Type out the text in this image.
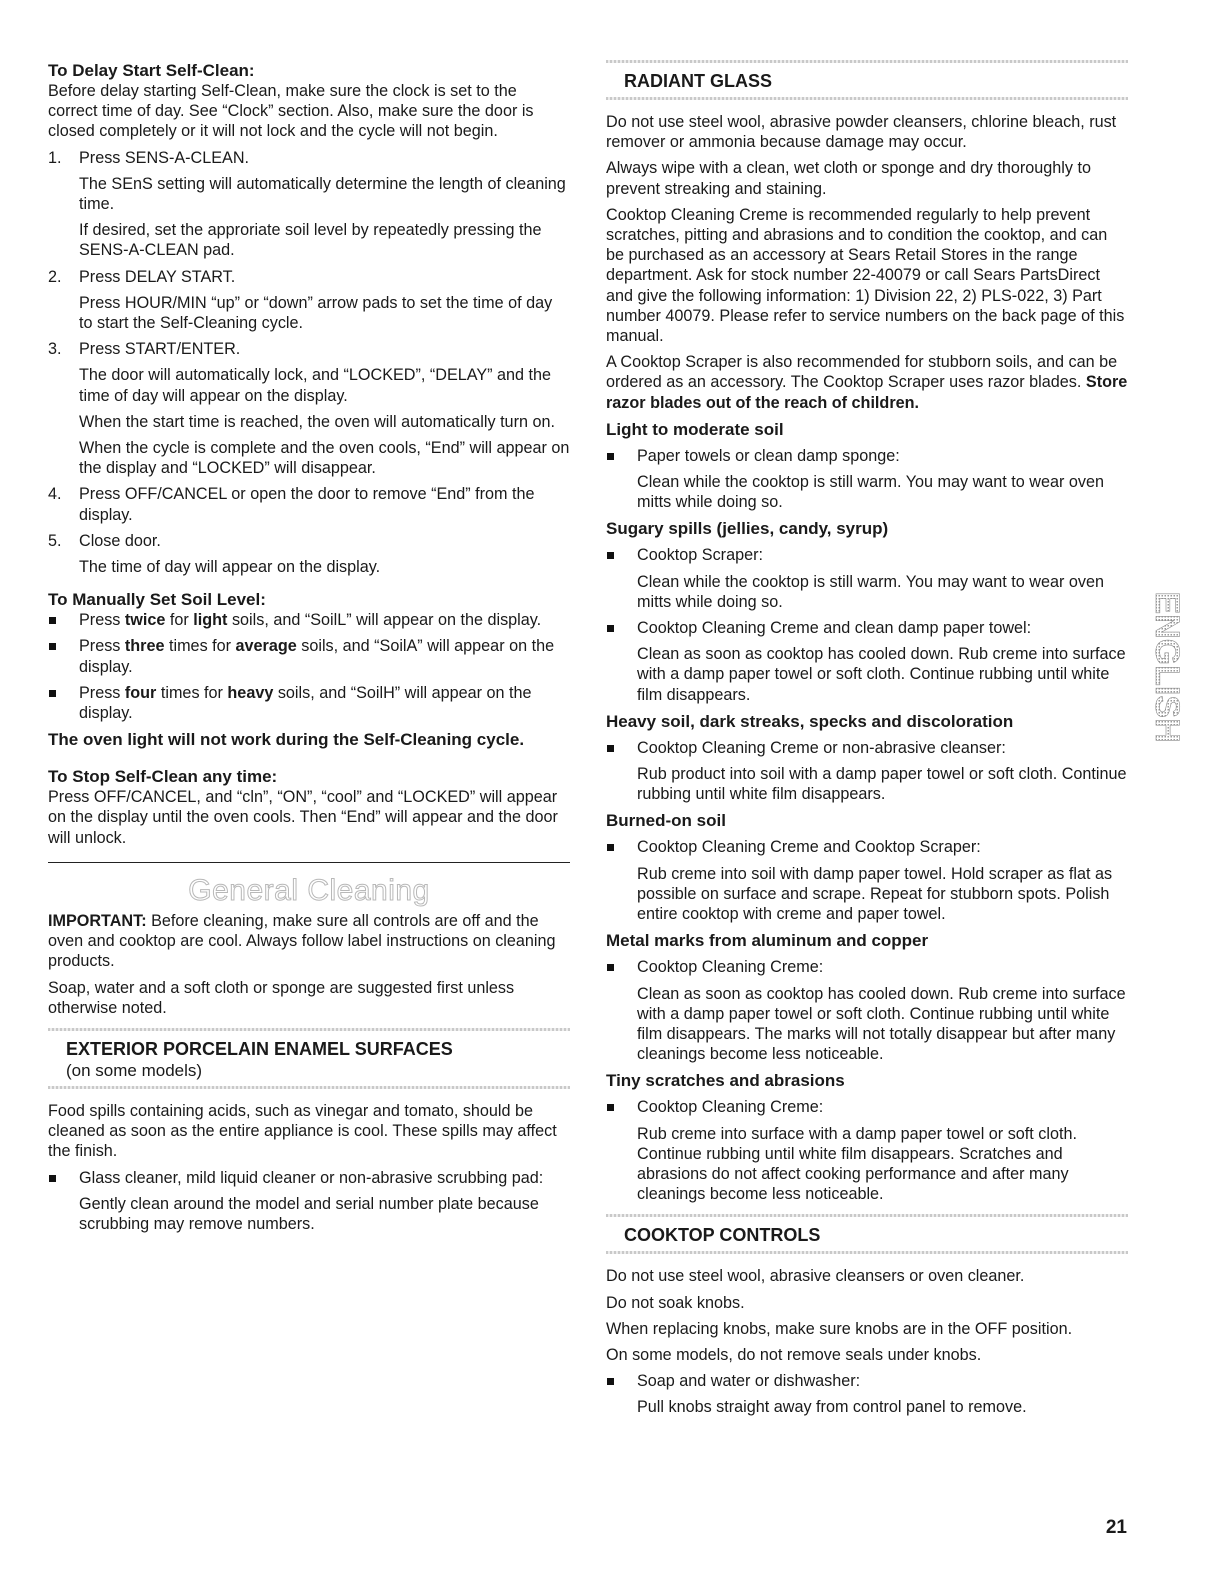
To Delay Start Self-Clean:

Before delay starting Self-Clean, make sure the clock is set to the correct time of day. See “Clock” section. Also, make sure the door is closed completely or it will not lock and the cycle will not begin.

1. Press SENS-A-CLEAN.
The SEnS setting will automatically determine the length of cleaning time.
If desired, set the approriate soil level by repeatedly pressing the SENS-A-CLEAN pad.
2. Press DELAY START.
Press HOUR/MIN “up” or “down” arrow pads to set the time of day to start the Self-Cleaning cycle.
3. Press START/ENTER.
The door will automatically lock, and “LOCKED”, “DELAY” and the time of day will appear on the display.
When the start time is reached, the oven will automatically turn on.
When the cycle is complete and the oven cools, “End” will appear on the display and “LOCKED” will disappear.
4. Press OFF/CANCEL or open the door to remove “End” from the display.
5. Close door.
The time of day will appear on the display.
To Manually Set Soil Level:
Press twice for light soils, and “SoilL” will appear on the display.
Press three times for average soils, and “SoilA” will appear on the display.
Press four times for heavy soils, and “SoilH” will appear on the display.
The oven light will not work during the Self-Cleaning cycle.
To Stop Self-Clean any time:

Press OFF/CANCEL, and “cln”, “ON”, “cool” and “LOCKED” will appear on the display until the oven cools. Then “End” will appear and the door will unlock.

General Cleaning

IMPORTANT: Before cleaning, make sure all controls are off and the oven and cooktop are cool. Always follow label instructions on cleaning products.

Soap, water and a soft cloth or sponge are suggested first unless otherwise noted.

EXTERIOR PORCELAIN ENAMEL SURFACES
(on some models)

Food spills containing acids, such as vinegar and tomato, should be cleaned as soon as the entire appliance is cool. These spills may affect the finish.

Glass cleaner, mild liquid cleaner or non-abrasive scrubbing pad:

Gently clean around the model and serial number plate because scrubbing may remove numbers.

RADIANT GLASS

Do not use steel wool, abrasive powder cleansers, chlorine bleach, rust remover or ammonia because damage may occur.

Always wipe with a clean, wet cloth or sponge and dry thoroughly to prevent streaking and staining.

Cooktop Cleaning Creme is recommended regularly to help prevent scratches, pitting and abrasions and to condition the cooktop, and can be purchased as an accessory at Sears Retail Stores in the range department. Ask for stock number 22-40079 or call Sears PartsDirect and give the following information: 1) Division 22, 2) PLS-022, 3) Part number 40079. Please refer to service numbers on the back page of this manual.

A Cooktop Scraper is also recommended for stubborn soils, and can be ordered as an accessory. The Cooktop Scraper uses razor blades. Store razor blades out of the reach of children.

Light to moderate soil
Paper towels or clean damp sponge:

Clean while the cooktop is still warm. You may want to wear oven mitts while doing so.

Sugary spills (jellies, candy, syrup)
Cooktop Scraper:

Clean while the cooktop is still warm. You may want to wear oven mitts while doing so.

Cooktop Cleaning Creme and clean damp paper towel:

Clean as soon as cooktop has cooled down. Rub creme into surface with a damp paper towel or soft cloth. Continue rubbing until white film disappears.

Heavy soil, dark streaks, specks and discoloration
Cooktop Cleaning Creme or non-abrasive cleanser:

Rub product into soil with a damp paper towel or soft cloth. Continue rubbing until white film disappears.

Burned-on soil
Cooktop Cleaning Creme and Cooktop Scraper:

Rub creme into soil with damp paper towel. Hold scraper as flat as possible on surface and scrape. Repeat for stubborn spots. Polish entire cooktop with creme and paper towel.

Metal marks from aluminum and copper
Cooktop Cleaning Creme:

Clean as soon as cooktop has cooled down. Rub creme into surface with a damp paper towel or soft cloth. Continue rubbing until white film disappears. The marks will not totally disappear but after many cleanings become less noticeable.

Tiny scratches and abrasions
Cooktop Cleaning Creme:

Rub creme into surface with a damp paper towel or soft cloth. Continue rubbing until white film disappears. Scratches and abrasions do not affect cooking performance and after many cleanings become less noticeable.

COOKTOP CONTROLS

Do not use steel wool, abrasive cleansers or oven cleaner.

Do not soak knobs.

When replacing knobs, make sure knobs are in the OFF position.

On some models, do not remove seals under knobs.

Soap and water or dishwasher:

Pull knobs straight away from control panel to remove.

ENGLISH
21
